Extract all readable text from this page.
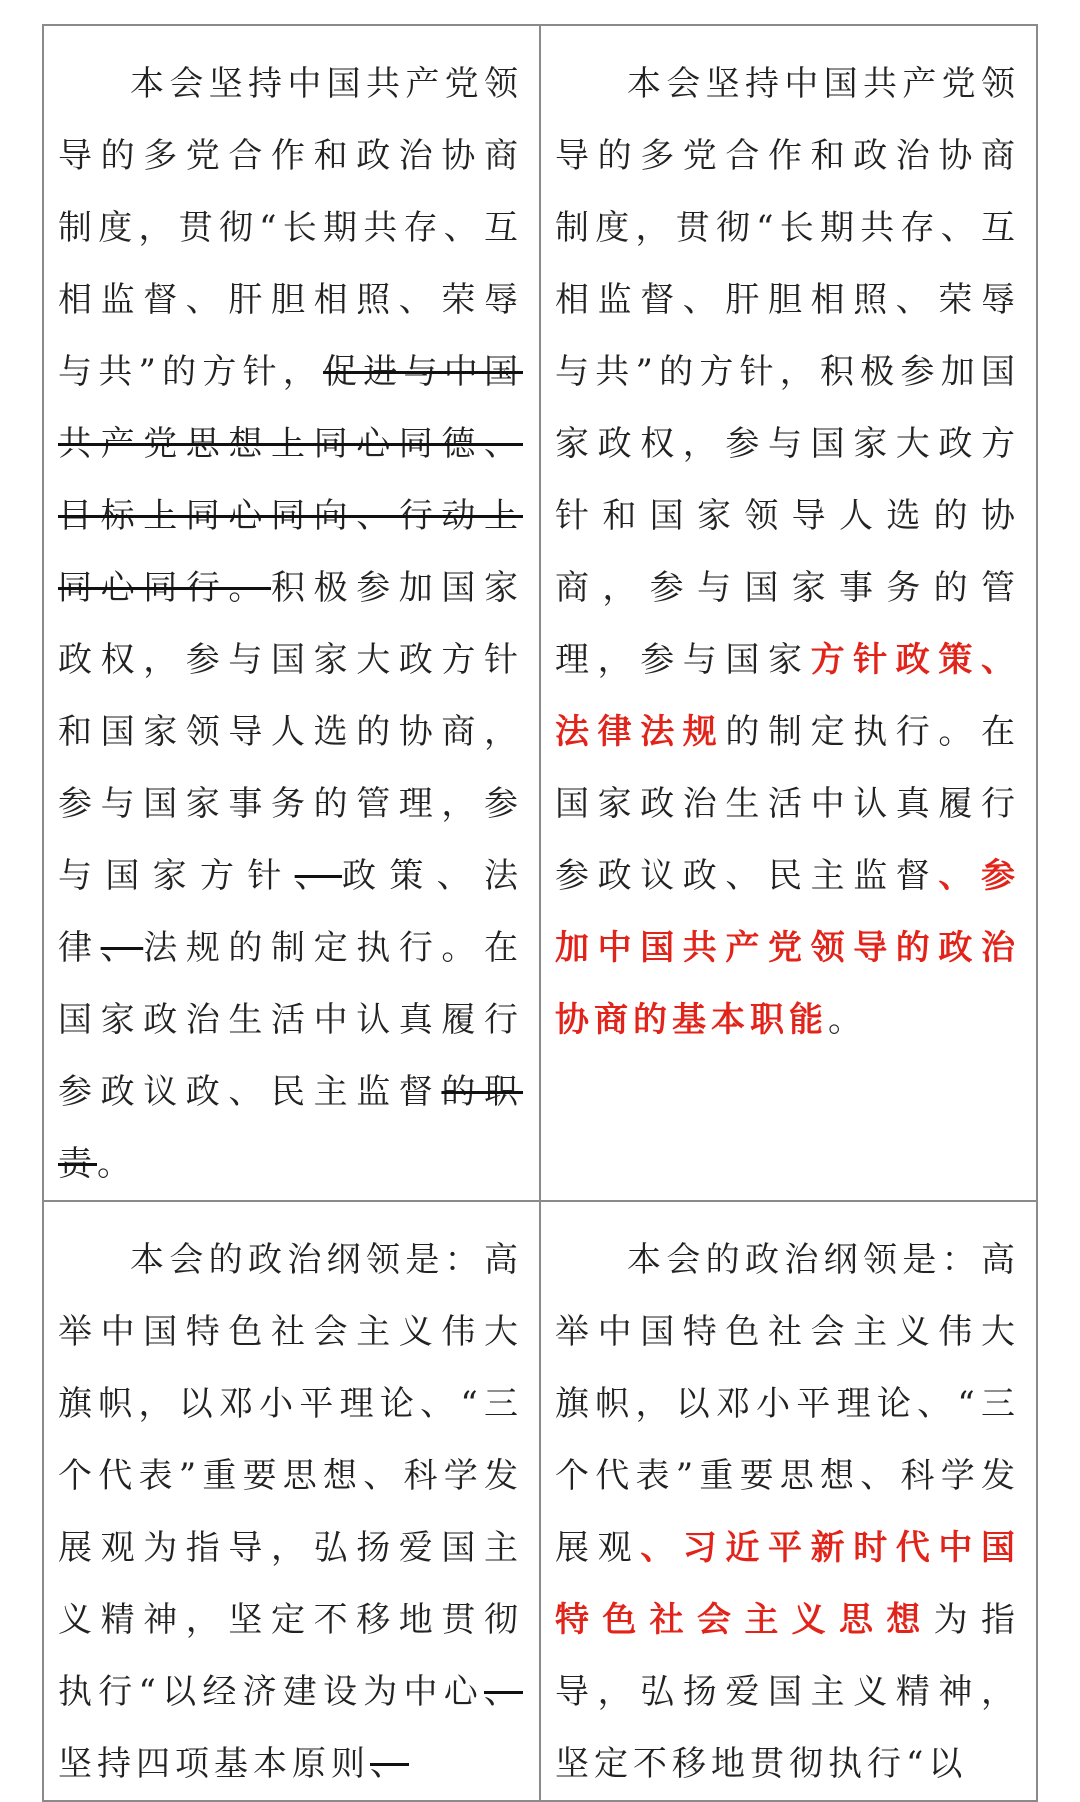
本会坚持中国共产党领导的多党合作和政治协商制度，贯彻“长期共存、互相监督、肝胆相照、荣辱与共”的方针，促进与中国共产党思想上同心同德、目标上同心同向、行动上同心同行。积极参加国家政权，参与国家大政方针和国家领导人选的协商，参与国家事务的管理，参与国家方针、政策、法律、法规的制定执行。在国家政治生活中认真履行参政议政、民主监督的职责。	本会坚持中国共产党领导的多党合作和政治协商制度，贯彻“长期共存、互相监督、肝胆相照、荣辱与共”的方针，积极参加国家政权，参与国家大政方针和国家领导人选的协商，参与国家事务的管理，参与国家方针政策、法律法规的制定执行。在国家政治生活中认真履行参政议政、民主监督、参加中国共产党领导的政治协商的基本职能。

本会的政治纲领是：高举中国特色社会主义伟大旗帜，以邓小平理论、“三个代表”重要思想、科学发展观为指导，弘扬爱国主义精神，坚定不移地贯彻执行“以经济建设为中心、坚持四项基本原则、	本会的政治纲领是：高举中国特色社会主义伟大旗帜，以邓小平理论、“三个代表”重要思想、科学发展观、习近平新时代中国特色社会主义思想为指导，弘扬爱国主义精神，坚定不移地贯彻执行“以
